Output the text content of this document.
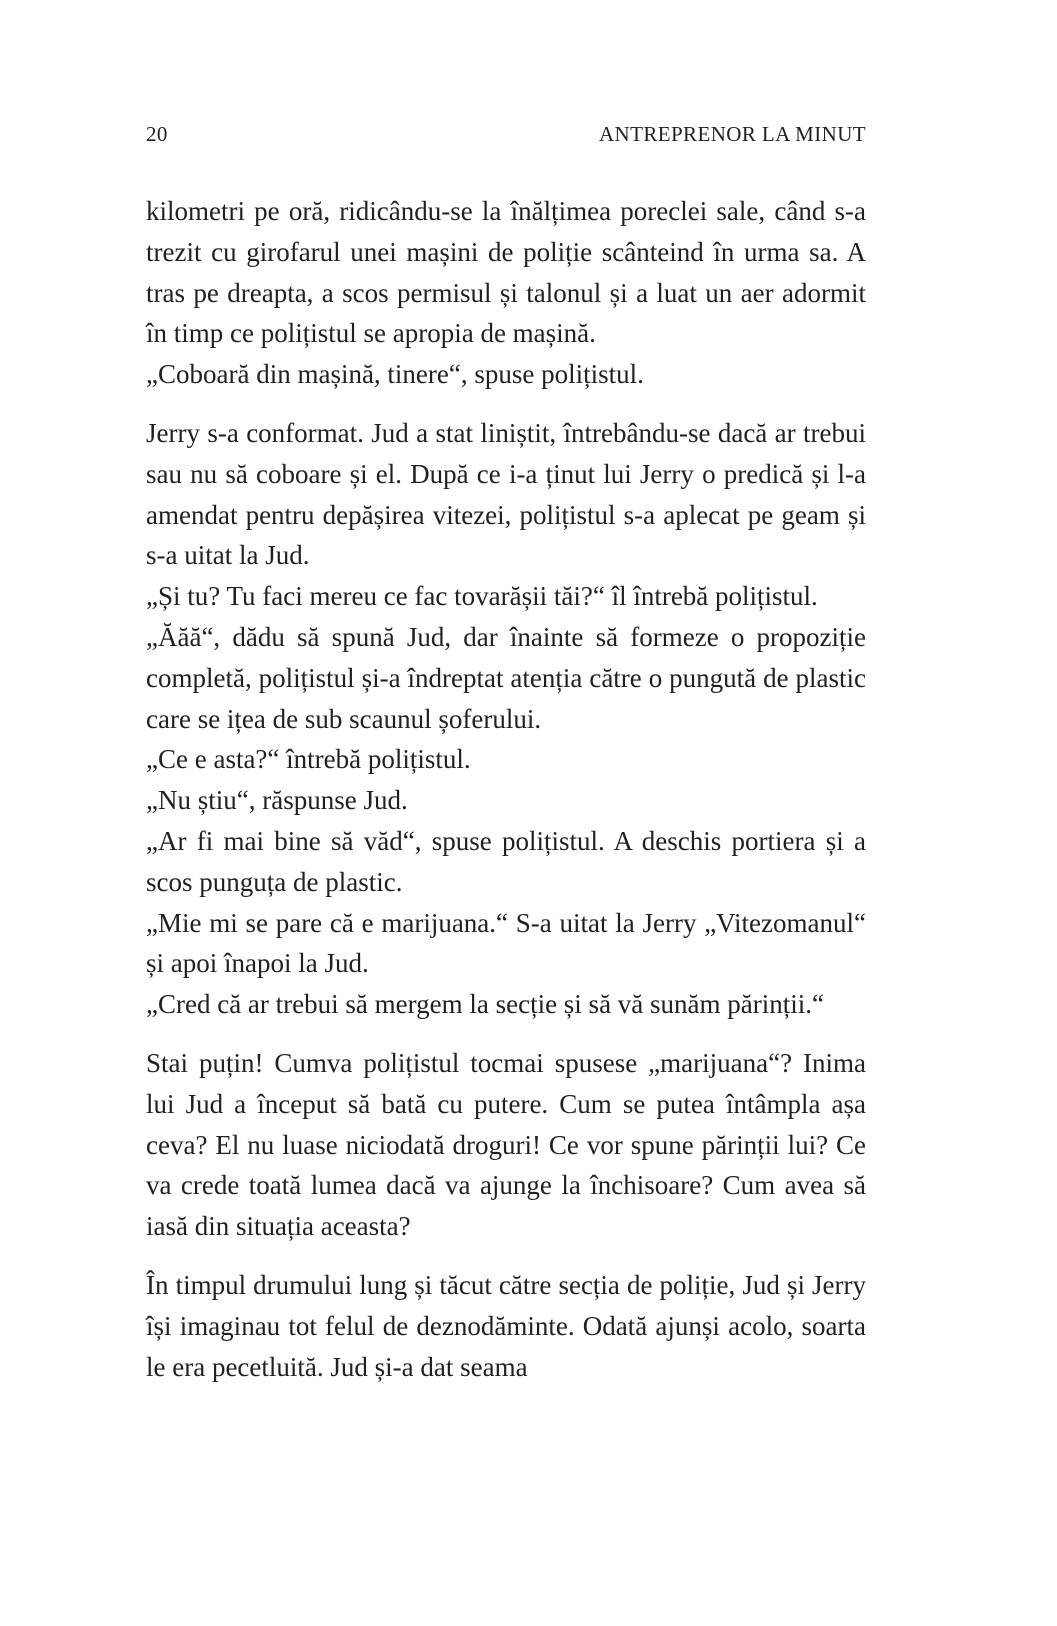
20	ANTREPRENOR LA MINUT

kilometri pe oră, ridicându-se la înălțimea poreclei sale, când s-a trezit cu girofarul unei mașini de poliție scânteind în urma sa. A tras pe dreapta, a scos permisul și talonul și a luat un aer adormit în timp ce polițistul se apropia de mașină.

„Coboară din mașină, tinere“, spuse polițistul.

Jerry s-a conformat. Jud a stat liniștit, întrebându-se dacă ar trebui sau nu să coboare și el. După ce i-a ținut lui Jerry o predică și l-a amendat pentru depășirea vitezei, polițistul s-a aplecat pe geam și s-a uitat la Jud.

„Și tu? Tu faci mereu ce fac tovarășii tăi?“ îl întrebă polițistul.

„Ăăă“, dădu să spună Jud, dar înainte să formeze o propoziție completă, polițistul și-a îndreptat atenția către o pungută de plastic care se ițea de sub scaunul șoferului.

„Ce e asta?“ întrebă polițistul.

„Nu știu“, răspunse Jud.

„Ar fi mai bine să văd“, spuse polițistul. A deschis portiera și a scos punguța de plastic.

„Mie mi se pare că e marijuana.“ S-a uitat la Jerry „Vitezomanul“ și apoi înapoi la Jud.

„Cred că ar trebui să mergem la secție și să vă sunăm părinții.“

Stai puțin! Cumva polițistul tocmai spusese „marijuana“? Inima lui Jud a început să bată cu putere. Cum se putea întâmpla așa ceva? El nu luase niciodată droguri! Ce vor spune părinții lui? Ce va crede toată lumea dacă va ajunge la închisoare? Cum avea să iasă din situația aceasta?

În timpul drumului lung și tăcut către secția de poliție, Jud și Jerry își imaginau tot felul de deznodăminte. Odată ajunși acolo, soarta le era pecetluită. Jud și-a dat seama
